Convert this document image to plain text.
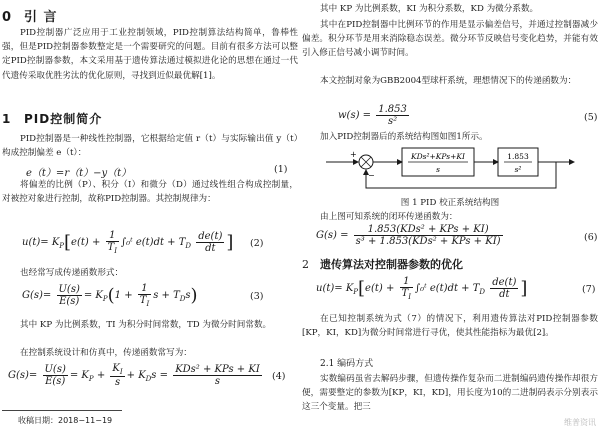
0 引 言
PID控制器广泛应用于工业控制领域，PID控制算法结构简单，鲁棒性强，但是PID控制器参数整定是一个需要研究的问题。目前有很多方法可以整定PID控制器参数，本文采用基于遗传算法通过模拟进化论的思想在通过一代代遗传采取优胜劣汰的优化原则，寻找到近似最优解[1]。
1 PID控制简介
PID控制器是一种线性控制器，它根据给定值 r（t）与实际输出值 y（t）构成控制偏差 e（t）：
e（t）=r（t）−y（t）	(1)
将偏差的比例（P）、积分（I）和微分（D）通过线性组合构成控制量，对被控对象进行控制，故称PID控制器。其控制规律为：
$u(t)= K_P[e(t) + \frac{1}{T_I}$ ∫₀ᵗ $e(t)dt + T_D \frac{de(t)}{dt}$ ] (2)
也经常写成传递函数形式：
$G(s)= \frac{U(s)}{E(s)} = K_P(1 + \frac{1}{T_I}$ $s + T_Ds$)	(3)
其中 KP 为比例系数，TI 为积分时间常数，TD 为微分时间常数。
在控制系统设计和仿真中，传递函数常写为：
$G(s)= \frac{U(s)}{E(s)} = K_P + \frac{K_I}{s} + K_Ds = \frac{\text{KDs² + KPs + KI}}{s} (4)$
收稿日期：2018−11−19
其中 KP 为比例系数，KI 为积分系数，KD 为微分系数。
其中在PID控制器中比例环节的作用是显示偏差信号，并通过控制器减少偏差。积分环节是用来消除稳态误差。微分环节反映信号变化趋势，并能有效引入修正信号减小调节时间。
本文控制对象为GBB2004型球杆系统，理想情况下的传递函数为：
$w(s) = \frac{1.853}{\text{s²}}$	(5)
加入PID控制器后的系统结构图如图1所示。
+
−
KDs²+KPs+KI
s
1.853
s²
图 1 PID 校正系统结构图
由上图可知系统的闭环传递函数为：
$G(s) = \frac{\text{1.853(KDs² + KPs + KI)}}{\text{s³ + 1.853(KDs² + KPs + KI)}}$	(6)
2 遗传算法对控制器参数的优化
$u(t)= K_P[e(t) + \frac{1}{T_I}$ ∫₀ᵗ $e(t)dt + T_D \frac{de(t)}{dt}$ ]	(7)
在已知控制系统为式（7）的情况下，利用遗传算法对PID控制器参数[KP，KI，KD]为微分时间常进行寻优，使其性能指标为最优[2]。
2.1 编码方式
实数编码虽省去解码步骤，但遗传操作复杂而二进制编码遗传操作却很方便，需要整定的参数为[KP，KI，KD]，用长度为10的二进制码表示分别表示这三个变量。把三
维普资讯
